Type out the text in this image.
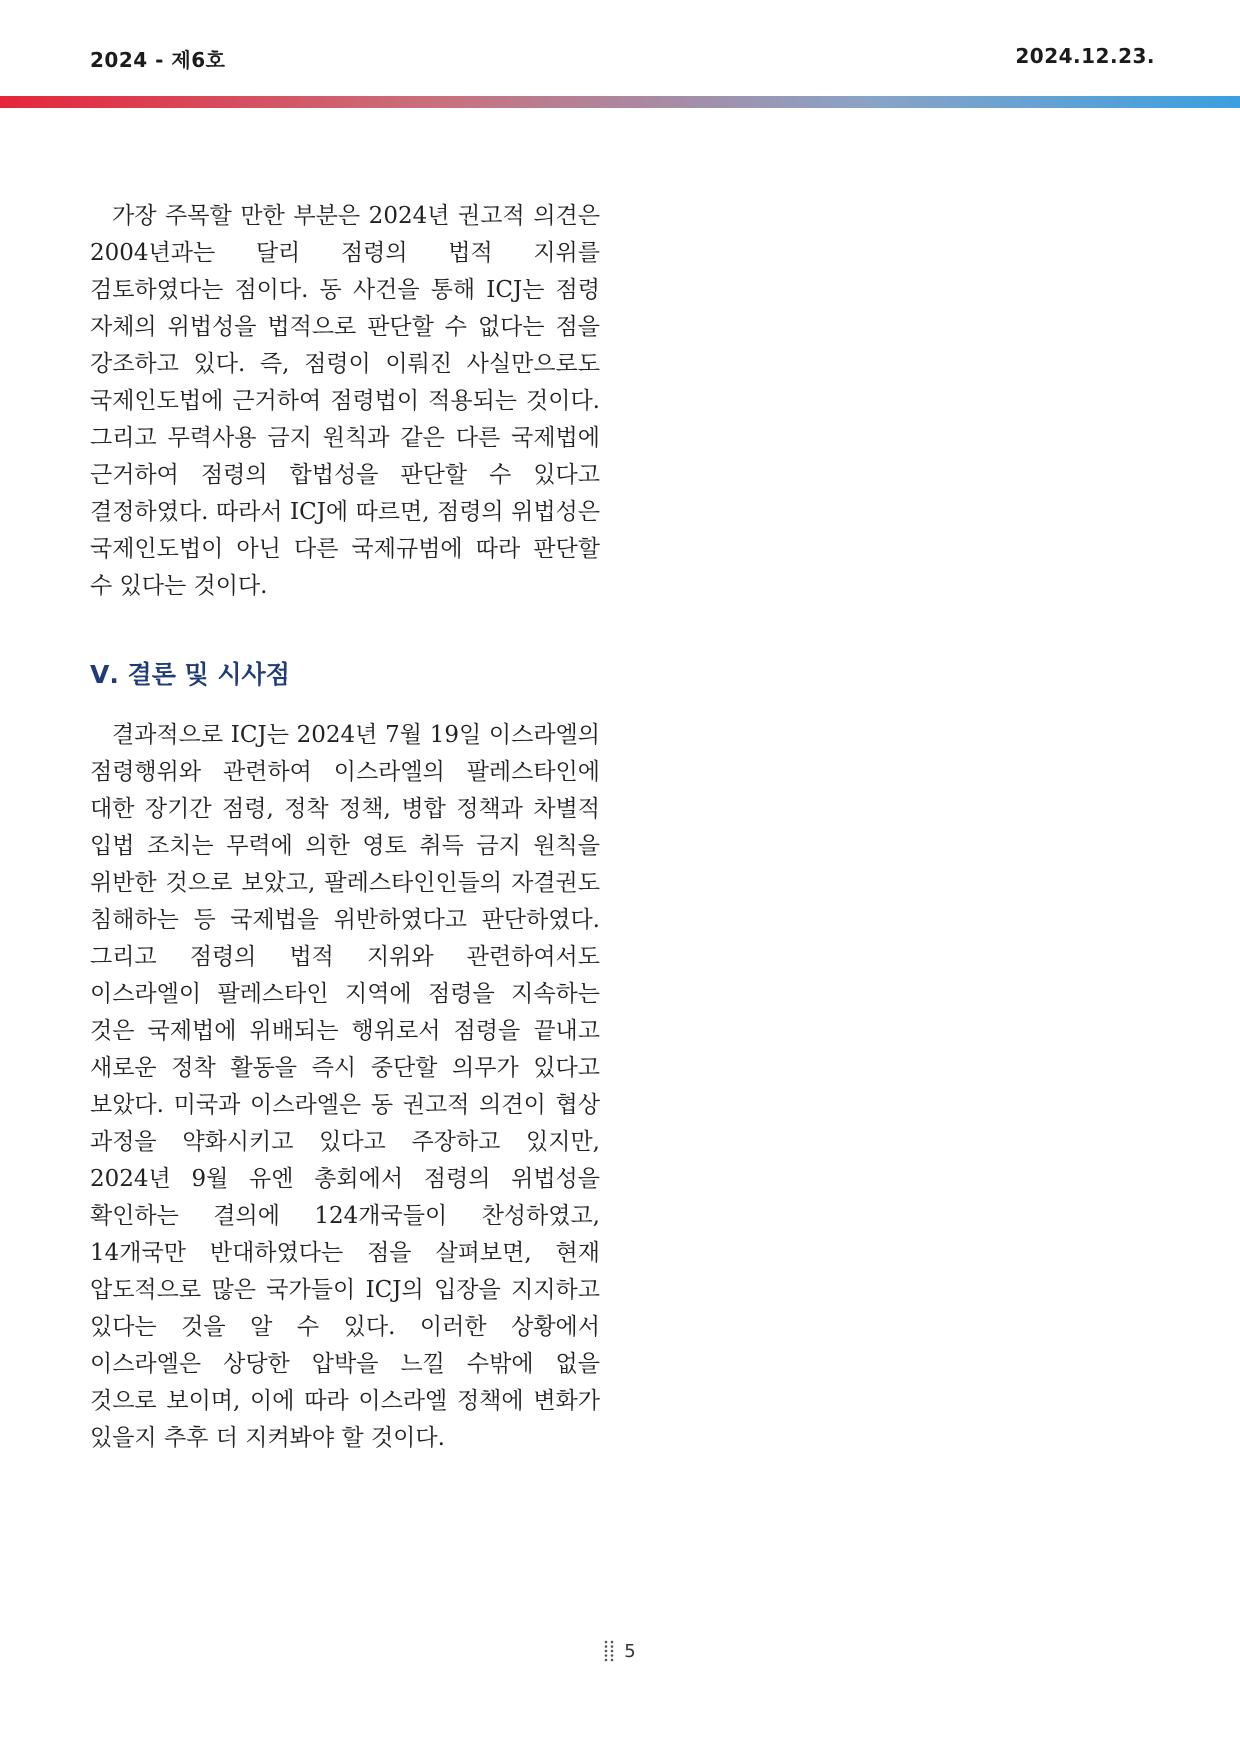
2024 - 제6호	2024.12.23.

가장 주목할 만한 부분은 2024년 권고적 의견은 2004년과는 달리 점령의 법적 지위를 검토하였다는 점이다. 동 사건을 통해 ICJ는 점령 자체의 위법성을 법적으로 판단할 수 없다는 점을 강조하고 있다. 즉, 점령이 이뤄진 사실만으로도 국제인도법에 근거하여 점령법이 적용되는 것이다. 그리고 무력사용 금지 원칙과 같은 다른 국제법에 근거하여 점령의 합법성을 판단할 수 있다고 결정하였다. 따라서 ICJ에 따르면, 점령의 위법성은 국제인도법이 아닌 다른 국제규범에 따라 판단할 수 있다는 것이다.

Ⅴ. 결론 및 시사점

결과적으로 ICJ는 2024년 7월 19일 이스라엘의 점령행위와 관련하여 이스라엘의 팔레스타인에 대한 장기간 점령, 정착 정책, 병합 정책과 차별적 입법 조치는 무력에 의한 영토 취득 금지 원칙을 위반한 것으로 보았고, 팔레스타인인들의 자결권도 침해하는 등 국제법을 위반하였다고 판단하였다. 그리고 점령의 법적 지위와 관련하여서도 이스라엘이 팔레스타인 지역에 점령을 지속하는 것은 국제법에 위배되는 행위로서 점령을 끝내고 새로운 정착 활동을 즉시 중단할 의무가 있다고 보았다. 미국과 이스라엘은 동 권고적 의견이 협상 과정을 약화시키고 있다고 주장하고 있지만, 2024년 9월 유엔 총회에서 점령의 위법성을 확인하는 결의에 124개국들이 찬성하였고, 14개국만 반대하였다는 점을 살펴보면, 현재 압도적으로 많은 국가들이 ICJ의 입장을 지지하고 있다는 것을 알 수 있다. 이러한 상황에서 이스라엘은 상당한 압박을 느낄 수밖에 없을 것으로 보이며, 이에 따라 이스라엘 정책에 변화가 있을지 추후 더 지켜봐야 할 것이다.

5
